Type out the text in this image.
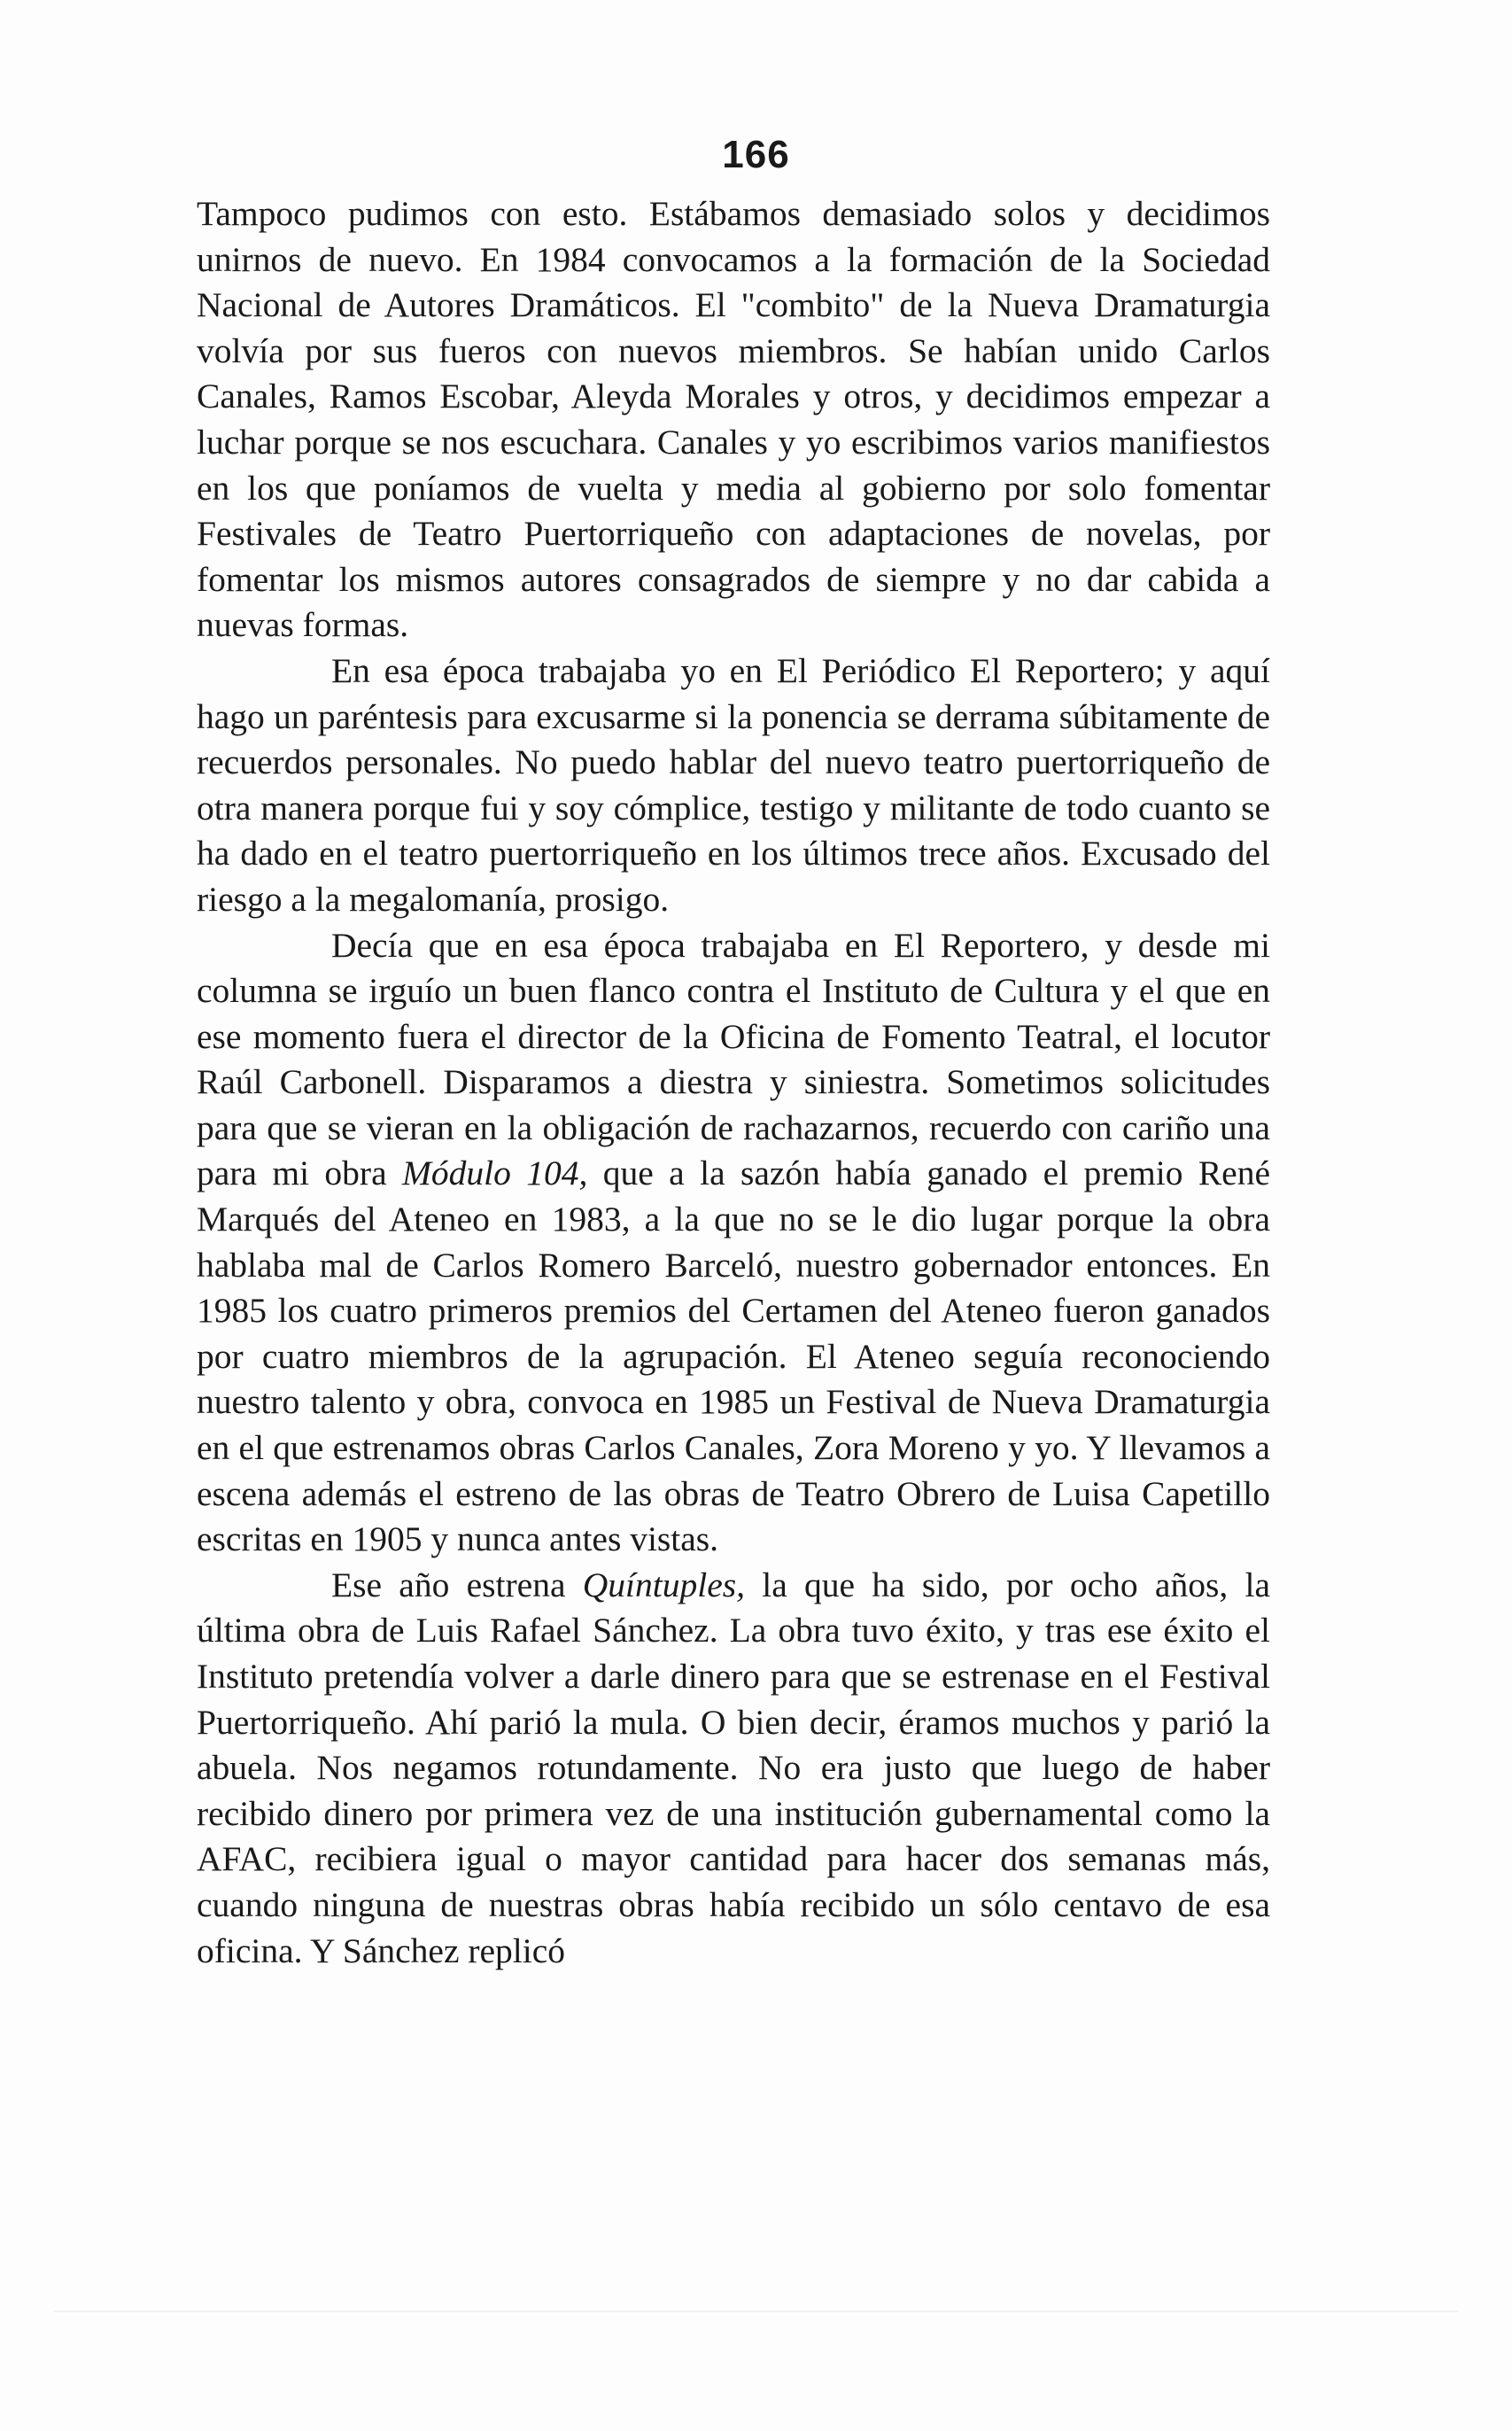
166

Tampoco pudimos con esto. Estábamos demasiado solos y decidimos unirnos de nuevo. En 1984 convocamos a la formación de la Sociedad Nacional de Autores Dramáticos. El "combito" de la Nueva Dramaturgia volvía por sus fueros con nuevos miembros. Se habían unido Carlos Canales, Ramos Escobar, Aleyda Morales y otros, y decidimos empezar a luchar porque se nos escuchara. Canales y yo escribimos varios manifiestos en los que poníamos de vuelta y media al gobierno por solo fomentar Festivales de Teatro Puertorriqueño con adaptaciones de novelas, por fomentar los mismos autores consagrados de siempre y no dar cabida a nuevas formas.

En esa época trabajaba yo en El Periódico El Reportero; y aquí hago un paréntesis para excusarme si la ponencia se derrama súbitamente de recuerdos personales. No puedo hablar del nuevo teatro puertorriqueño de otra manera porque fui y soy cómplice, testigo y militante de todo cuanto se ha dado en el teatro puertorriqueño en los últimos trece años. Excusado del riesgo a la megalomanía, prosigo.

Decía que en esa época trabajaba en El Reportero, y desde mi columna se irguío un buen flanco contra el Instituto de Cultura y el que en ese momento fuera el director de la Oficina de Fomento Teatral, el locutor Raúl Carbonell. Disparamos a diestra y siniestra. Sometimos solicitudes para que se vieran en la obligación de rachazarnos, recuerdo con cariño una para mi obra Módulo 104, que a la sazón había ganado el premio René Marqués del Ateneo en 1983, a la que no se le dio lugar porque la obra hablaba mal de Carlos Romero Barceló, nuestro gobernador entonces. En 1985 los cuatro primeros premios del Certamen del Ateneo fueron ganados por cuatro miembros de la agrupación. El Ateneo seguía reconociendo nuestro talento y obra, convoca en 1985 un Festival de Nueva Dramaturgia en el que estrenamos obras Carlos Canales, Zora Moreno y yo. Y llevamos a escena además el estreno de las obras de Teatro Obrero de Luisa Capetillo escritas en 1905 y nunca antes vistas.

Ese año estrena Quíntuples, la que ha sido, por ocho años, la última obra de Luis Rafael Sánchez. La obra tuvo éxito, y tras ese éxito el Instituto pretendía volver a darle dinero para que se estrenase en el Festival Puertorriqueño. Ahí parió la mula. O bien decir, éramos muchos y parió la abuela. Nos negamos rotundamente. No era justo que luego de haber recibido dinero por primera vez de una institución gubernamental como la AFAC, recibiera igual o mayor cantidad para hacer dos semanas más, cuando ninguna de nuestras obras había recibido un sólo centavo de esa oficina. Y Sánchez replicó
